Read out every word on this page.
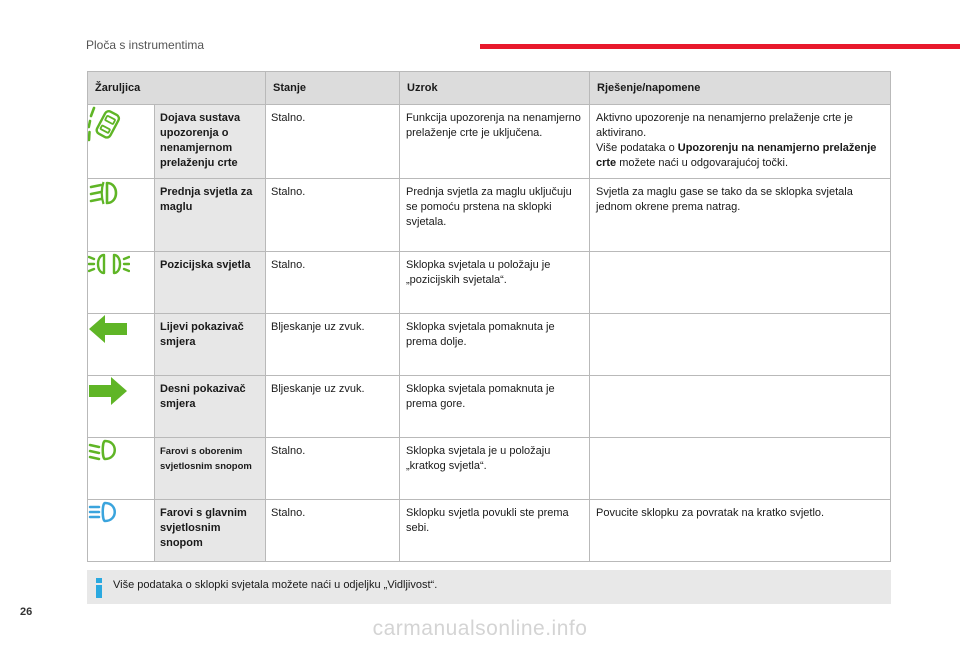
Ploča s instrumentima
Žaruljica		Stanje	Uzrok	Rješenje/napomene
	Dojava sustava upozorenja o nenamjernom prelaženju crte	Stalno.	Funkcija upozorenja na nenamjerno prelaženje crte je uključena.	Aktivno upozorenje na nenamjerno prelaženje crte je aktivirano.
Više podataka o Upozorenju na nenamjerno prelaženje crte možete naći u odgovarajućoj točki.
	Prednja svjetla za maglu	Stalno.	Prednja svjetla za maglu uključuju se pomoću prstena na sklopki svjetala.	Svjetla za maglu gase se tako da se sklopka svjetala jednom okrene prema natrag.
	Pozicijska svjetla	Stalno.	Sklopka svjetala u položaju je „pozicijskih svjetala“.	
	Lijevi pokazivač smjera	Bljeskanje uz zvuk.	Sklopka svjetala pomaknuta je prema dolje.	
	Desni pokazivač smjera	Bljeskanje uz zvuk.	Sklopka svjetala pomaknuta je prema gore.	
	Farovi s oborenim svjetlosnim snopom	Stalno.	Sklopka svjetala je u položaju „kratkog svjetla“.	
	Farovi s glavnim svjetlosnim snopom	Stalno.	Sklopku svjetla povukli ste prema sebi.	Povucite sklopku za povratak na kratko svjetlo.
Više podataka o sklopki svjetala možete naći u odjeljku „Vidljivost“.
26
carmanualsonline.info
